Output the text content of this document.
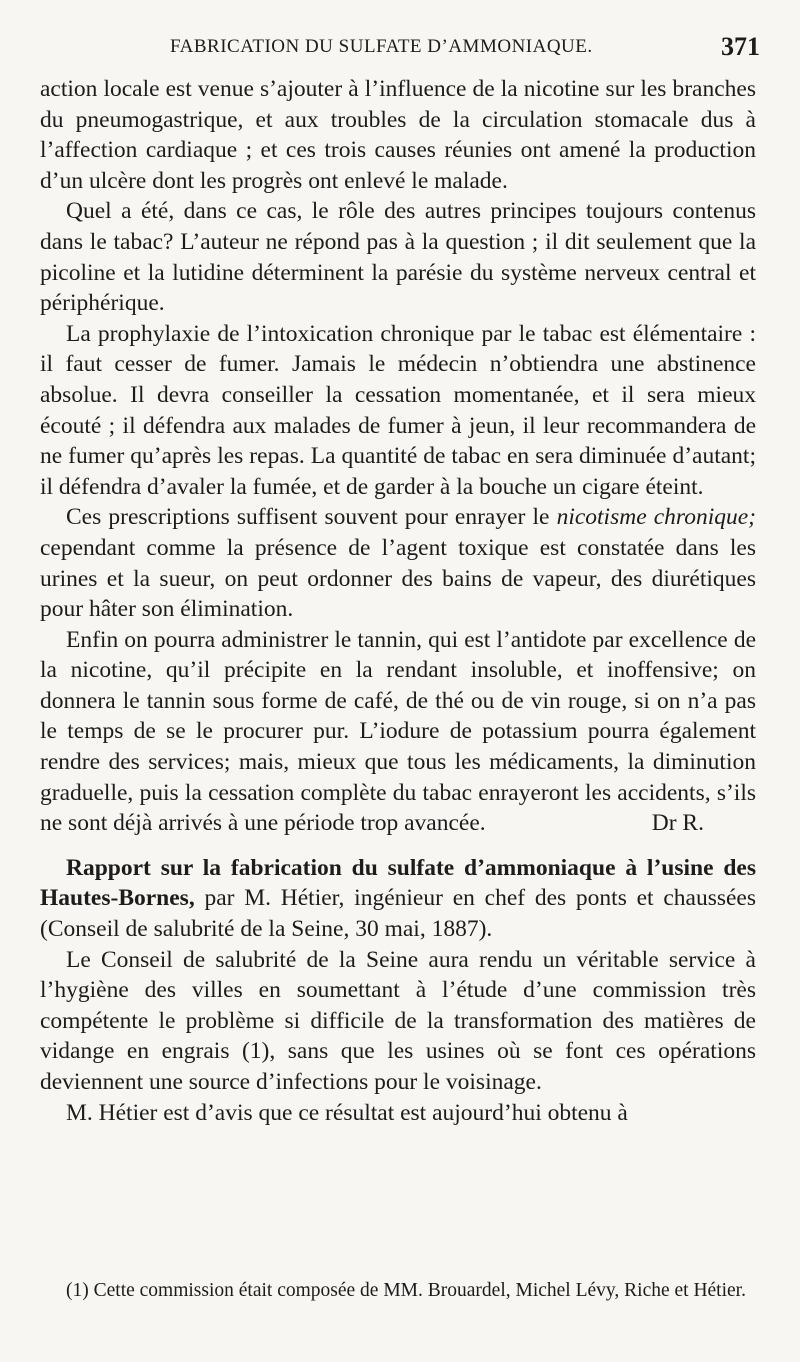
FABRICATION DU SULFATE D’AMMONIAQUE.	371

action locale est venue s’ajouter à l’influence de la nicotine sur les branches du pneumogastrique, et aux troubles de la circulation stomacale dus à l’affection cardiaque ; et ces trois causes réunies ont amené la production d’un ulcère dont les progrès ont enlevé le malade.

Quel a été, dans ce cas, le rôle des autres principes toujours contenus dans le tabac? L’auteur ne répond pas à la question ; il dit seulement que la picoline et la lutidine déterminent la parésie du système nerveux central et périphérique.

La prophylaxie de l’intoxication chronique par le tabac est élémentaire : il faut cesser de fumer. Jamais le médecin n’obtiendra une abstinence absolue. Il devra conseiller la cessation momentanée, et il sera mieux écouté ; il défendra aux malades de fumer à jeun, il leur recommandera de ne fumer qu’après les repas. La quantité de tabac en sera diminuée d’autant; il défendra d’avaler la fumée, et de garder à la bouche un cigare éteint.

Ces prescriptions suffisent souvent pour enrayer le nicotisme chronique; cependant comme la présence de l’agent toxique est constatée dans les urines et la sueur, on peut ordonner des bains de vapeur, des diurétiques pour hâter son élimination.

Enfin on pourra administrer le tannin, qui est l’antidote par excellence de la nicotine, qu’il précipite en la rendant insoluble, et inoffensive; on donnera le tannin sous forme de café, de thé ou de vin rouge, si on n’a pas le temps de se le procurer pur. L’iodure de potassium pourra également rendre des services; mais, mieux que tous les médicaments, la diminution graduelle, puis la cessation complète du tabac enrayeront les accidents, s’ils ne sont déjà arrivés à une période trop avancée.	Dr R.

Rapport sur la fabrication du sulfate d’ammoniaque à l’usine des Hautes-Bornes, par M. Hétier, ingénieur en chef des ponts et chaussées (Conseil de salubrité de la Seine, 30 mai, 1887).

Le Conseil de salubrité de la Seine aura rendu un véritable service à l’hygiène des villes en soumettant à l’étude d’une commission très compétente le problème si difficile de la transformation des matières de vidange en engrais (1), sans que les usines où se font ces opérations deviennent une source d’infections pour le voisinage.

M. Hétier est d’avis que ce résultat est aujourd’hui obtenu à

(1) Cette commission était composée de MM. Brouardel, Michel Lévy, Riche et Hétier.
